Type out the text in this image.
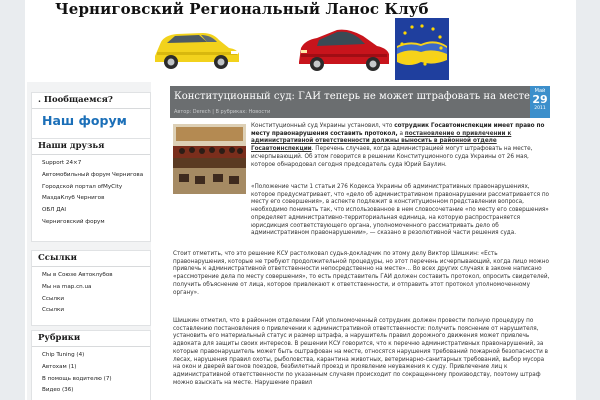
Черниговский Региональный Ланос Клуб
. Пообщаемся?
Наш форум
Наши друзья
Support 24×7
Автомобильный форум Чернигова
Городской портал ofMyCity
МаздаКлуб Чернигов
ОБЛ ДАІ
Черниговский форум
Ссылки
Мы в Союзе Автоклубов
Мы на map.cn.ua
Ссылки
Ссылки
Рубрики
Chip Tuning (4)
Автохам (1)
В помощь водителю (7)
Видео (36)
Конституционный суд: ГАИ теперь не может штрафовать на месте
Автор: Derech | В рубриках: Новости
Май
29
2011

Конституционный суд Украины установил, что сотрудник Госавтоинспекции имеет право по месту правонарушения составить протокол, а постановление о привлечении к административной ответственности должны выносить в районной отделе Госавтоинспекции. Перечень случаев, когда администрацией могут штрафовать на месте, исчерпывающий. Об этом говорится в решении Конституционного суда Украины от 26 мая, которое обнародовал сегодня председатель суда Юрий Баулин.

«Положение части 1 статьи 276 Кодекса Украины об административных правонарушениях, которое предусматривает, что «дело об административном правонарушении рассматривается по месту его совершения», в аспекте подлежит в конституционном представлении вопроса, необходимо понимать так, что использованное в нем словосочетание «по месту его совершения» определяет административно-территориальная единица, на которую распространяется юрисдикция соответствующего органа, уполномоченного рассматривать дело об административном правонарушении», — сказано в резолютивной части решения суда.

Стоит отметить, что это решение КСУ растолковал судья-докладчик по этому делу Виктор Шишкин: «Есть правонарушения, которые не требуют продолжительной процедуры, но этот перечень исчерпывающий, когда лицо можно привлечь к административной ответственности непосредственно на месте»... Во всех других случаях в законе написано «рассмотрение дела по месту совершения», то есть представитель ГАИ должен составить протокол, опросить свидетелей, получить объяснение от лица, которое привлекают к ответственности, и отправить этот протокол уполномоченному органу».

Шишкин отметил, что в районном отделении ГАИ уполномоченный сотрудник должен провести полную процедуру по составлению постановления о привлечении к административной ответственности: получить пояснение от нарушителя, установить его материальный статус и размер штрафа, а нарушитель правил дорожного движения может привлечь адвоката для защиты своих интересов. В решении КСУ говорится, что к перечню административных правонарушений, за которые правонарушитель может быть оштрафован на месте, относятся нарушения требований пожарной безопасности в лесах, нарушения правил охоты, рыболовства, карантина животных, ветеринарно-санитарных требований, выбор мусора на окон и дверей вагонов поездов, безбилетный проезд и проявление неуважения к суду. Привлечение лиц к административной ответственности по указанным случаям происходит по сокращенному производству, поэтому штраф можно взыскать на месте. Нарушение правил
